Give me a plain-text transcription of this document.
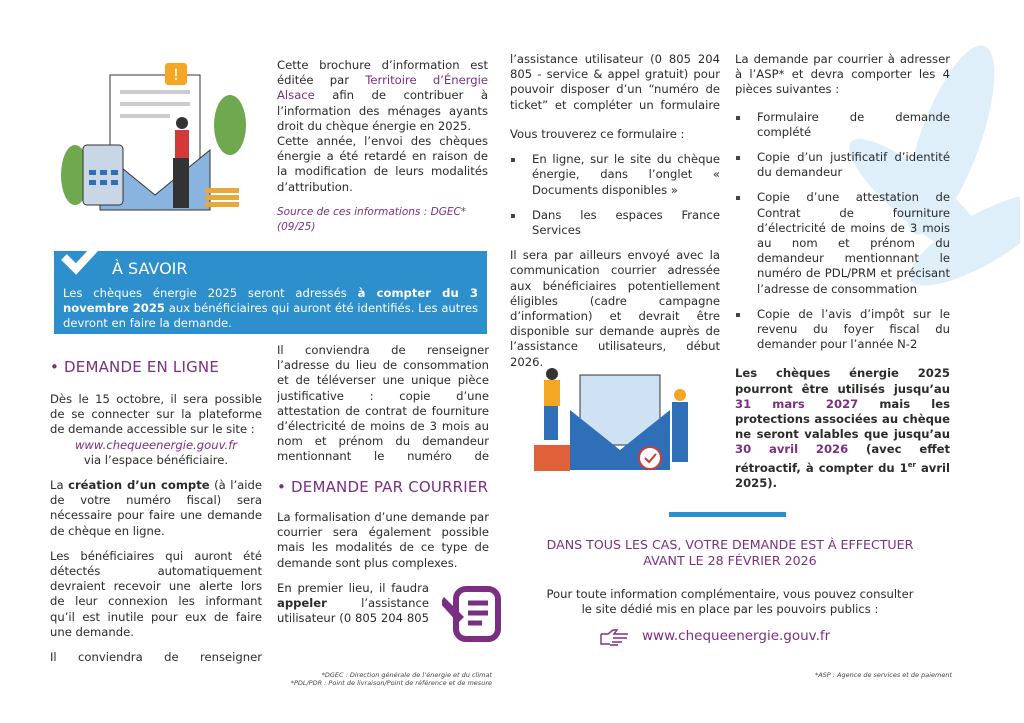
!	Cette brochure d’information est éditée par Territoire d’Énergie Alsace afin de contribuer à l’information des ménages ayants droit du chèque énergie en 2025.

Cette année, l’envoi des chèques énergie a été retardé en raison de la modification de leurs modalités d’attribution.

Source de ces informations : DGEC* (09/25)

À SAVOIR
Les chèques énergie 2025 seront adressés à compter du 3 novembre 2025 aux bénéficiaires qui auront été identifiés. Les autres devront en faire la demande.
• DEMANDE EN LIGNE

Dès le 15 octobre, il sera possible de se connecter sur la plateforme de demande accessible sur le site :

www.chequeenergie.gouv.fr

via l’espace bénéficiaire.

La création d’un compte (à l’aide de votre numéro fiscal) sera nécessaire pour faire une demande de chèque en ligne.

Les bénéficiaires qui auront été détectés automatiquement devraient recevoir une alerte lors de leur connexion les informant qu’il est inutile pour eux de faire une demande.

Il conviendra de renseigner

Il conviendra de renseigner l’adresse du lieu de consommation et de téléverser une unique pièce justificative : copie d’une attestation de contrat de fourniture d’électricité de moins de 3 mois au nom et prénom du demandeur mentionnant le numéro de

• DEMANDE PAR COURRIER

La formalisation d’une demande par courrier sera également possible mais les modalités de ce type de demande sont plus complexes.

En premier lieu, il faudra appeler	l’assistance utilisateur (0 805 204 805

l’assistance utilisateur (0 805 204 805 - service & appel gratuit) pour pouvoir disposer d’un “numéro de ticket” et compléter un formulaire

Vous trouverez ce formulaire :

En ligne, sur le site du chèque énergie, dans l’onglet « Documents disponibles »
Dans les espaces France Services

Il sera par ailleurs envoyé avec la communication courrier adressée aux bénéficiaires potentiellement éligibles (cadre campagne d’information) et devrait être disponible sur demande auprès de l’assistance utilisateurs, début 2026.

La demande par courrier à adresser à l’ASP* et devra comporter les 4 pièces suivantes :

Formulaire de demande complété
Copie d’un justificatif d’identité du demandeur
Copie d’une attestation de Contrat de fourniture d’électricité de moins de 3 mois au nom et prénom du demandeur mentionnant le numéro de PDL/PRM et précisant l’adresse de consommation
Copie de l’avis d’impôt sur le revenu du foyer fiscal du demander pour l’année N-2

Les chèques énergie 2025 pourront être utilisés jusqu’au 31 mars 2027 mais les protections associées au chèque ne seront valables que jusqu’au 30 avril 2026 (avec effet rétroactif, à compter du 1er avril 2025).

DANS TOUS LES CAS, VOTRE DEMANDE EST À EFFECTUER
AVANT LE 28 FÉVRIER 2026
Pour toute information complémentaire, vous pouvez consulter le site dédié mis en place par les pouvoirs publics :
www.chequeenergie.gouv.fr
*DGEC : Direction générale de l’énergie et du climat
*PDL/PDR : Point de livraison/Point de référence et de mesure
*ASP : Agence de services et de paiement
